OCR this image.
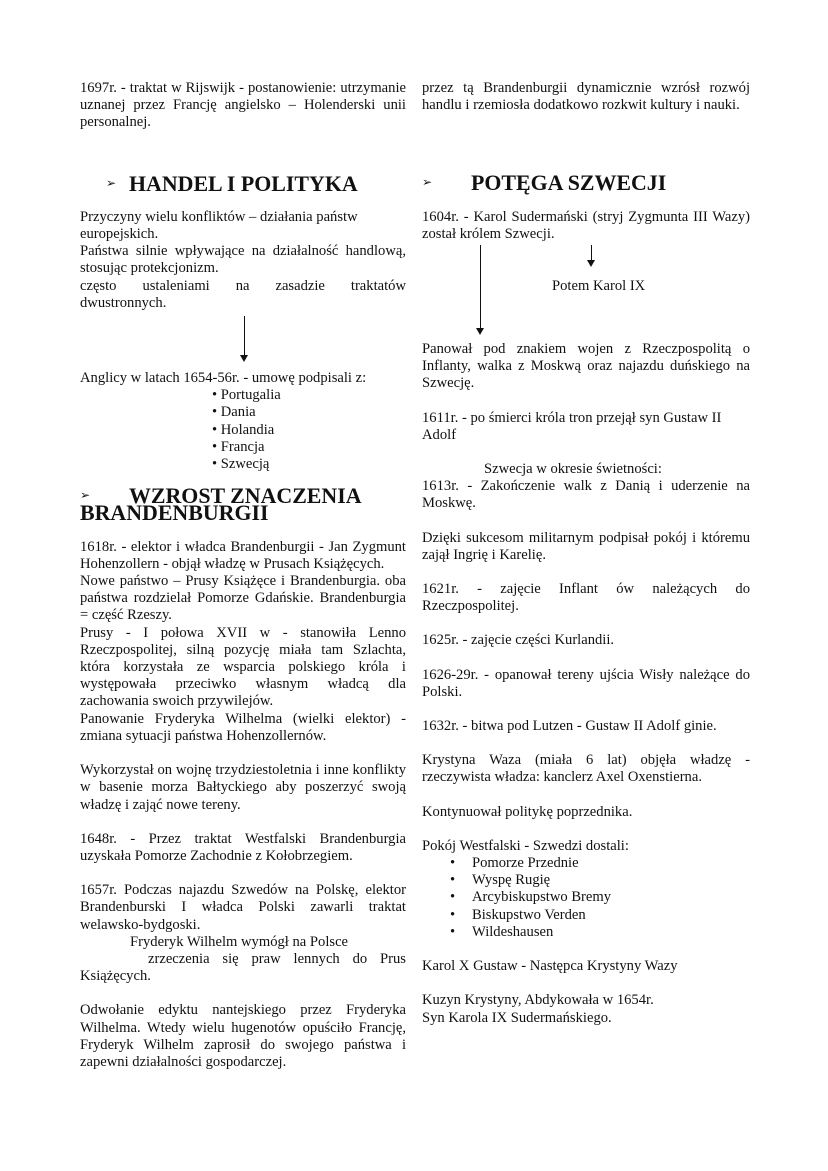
1697r. - traktat w Rijswijk - postanowienie: utrzymanie uznanej przez Francję angielsko – Holenderski unii personalnej.

➢ HANDEL I POLITYKA

Przyczyny wielu konfliktów – działania państw europejskich.

Państwa silnie wpływające na działalność handlową, stosując protekcjonizm.

często ustaleniami na zasadzie traktatów dwustronnych.

Anglicy w latach 1654-56r. - umowę podpisali z:

• Portugalia
• Dania
• Holandia
• Francja
• Szwecją
➢	WZROST ZNACZENIA
BRANDENBURGII

1618r. - elektor i władca Brandenburgii - Jan Zygmunt Hohenzollern - objął władzę w Prusach Książęcych.

Nowe państwo – Prusy Książęce i Brandenburgia. oba państwa rozdzielał Pomorze Gdańskie. Brandenburgia = część Rzeszy.

Prusy - I połowa XVII w - stanowiła Lenno Rzeczpospolitej, silną pozycję miała tam Szlachta, która korzystała ze wsparcia polskiego króla i występowała przeciwko własnym władcą dla zachowania swoich przywilejów.

Panowanie Fryderyka Wilhelma (wielki elektor) - zmiana sytuacji państwa Hohenzollernów.

Wykorzystał on wojnę trzydziestoletnia i inne konflikty w basenie morza Bałtyckiego aby poszerzyć swoją władzę i zająć nowe tereny.

1648r. - Przez traktat Westfalski Brandenburgia uzyskała Pomorze Zachodnie z Kołobrzegiem.

1657r. Podczas najazdu Szwedów na Polskę, elektor Brandenburski I władca Polski zawarli traktat welawsko-bydgoski.

Fryderyk Wilhelm wymógł na Polsce

zrzeczenia się praw lennych do Prus Książęcych.

Odwołanie edyktu nantejskiego przez Fryderyka Wilhelma. Wtedy wielu hugenotów opuściło Francję, Fryderyk Wilhelm zaprosił do swojego państwa i zapewni działalności gospodarczej.

przez tą Brandenburgii dynamicznie wzrósł rozwój handlu i rzemiosła dodatkowo rozkwit kultury i nauki.

➢ POTĘGA SZWECJI

1604r. - Karol Sudermański (stryj Zygmunta III Wazy) został królem Szwecji.

Potem Karol IX

Panował pod znakiem wojen z Rzeczpospolitą o Inflanty, walka z Moskwą oraz najazdu duńskiego na Szwecję.

1611r. - po śmierci króla tron przejął syn Gustaw II Adolf

Szwecja w okresie świetności:

1613r. - Zakończenie walk z Danią i uderzenie na Moskwę.

Dzięki sukcesom militarnym podpisał pokój i któremu zajął Ingrię i Karelię.

1621r. - zajęcie Inflant ów należących do Rzeczpospolitej.

1625r. - zajęcie części Kurlandii.

1626-29r. - opanował tereny ujścia Wisły należące do Polski.

1632r. - bitwa pod Lutzen - Gustaw II Adolf ginie.

Krystyna Waza (miała 6 lat) objęła władzę - rzeczywista władza: kanclerz Axel Oxenstierna.

Kontynuował politykę poprzednika.

Pokój Westfalski - Szwedzi dostali:

• Pomorze Przednie
• Wyspę Rugię
• Arcybiskupstwo Bremy
• Biskupstwo Verden
• Wildeshausen

Karol X Gustaw - Następca Krystyny Wazy

Kuzyn Krystyny, Abdykowała w 1654r.

Syn Karola IX Sudermańskiego.
